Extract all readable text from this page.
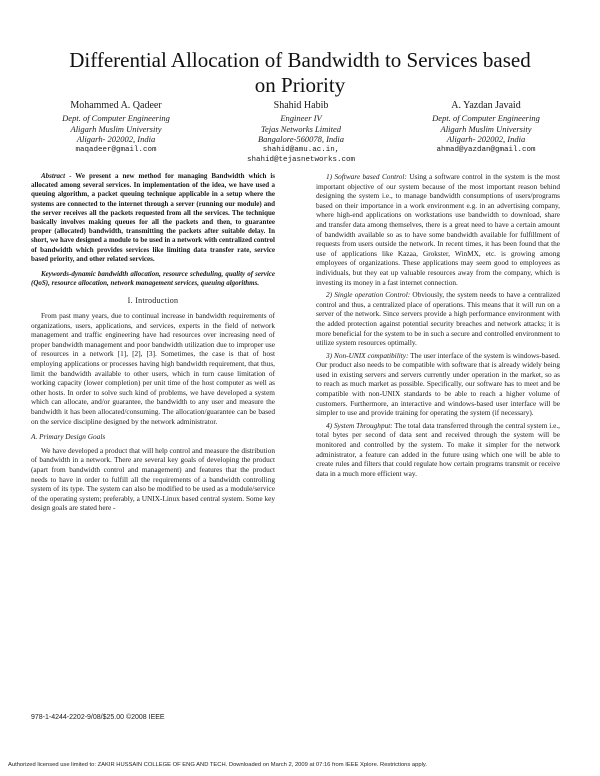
Differential Allocation of Bandwidth to Services based on Priority
Mohammed A. Qadeer
Dept. of Computer Engineering
Aligarh Muslim University
Aligarh- 202002, India
maqadeer@gmail.com
Shahid Habib
Engineer IV
Tejas Networks Limited
Bangalore-560078, India
shahid@amu.ac.in, shahid@tejasnetworks.com
A. Yazdan Javaid
Dept. of Computer Engineering
Aligarh Muslim University
Aligarh- 202002, India
ahmad@yazdan@gmail.com

Abstract - We present a new method for managing Bandwidth which is allocated among several services. In implementation of the idea, we have used a queuing algorithm, a packet queuing technique applicable in a setup where the systems are connected to the internet through a server (running our module) and the server receives all the packets requested from all the services. The technique basically involves making queues for all the packets and then, to guarantee proper (allocated) bandwidth, transmitting the packets after suitable delay. In short, we have designed a module to be used in a network with centralized control of bandwidth which provides services like limiting data transfer rate, service based priority, and other related services.

Keywords-dynamic bandwidth allocation, resource scheduling, quality of service (QoS), resource allocation, network management services, queuing algorithms.

I. Introduction

From past many years, due to continual increase in bandwidth requirements of organizations, users, applications, and services, experts in the field of network management and traffic engineering have had resources over increasing need of proper bandwidth management and poor bandwidth utilization due to improper use of resources in a network [1], [2], [3]. Sometimes, the case is that of host employing applications or processes having high bandwidth requirement, that thus, limit the bandwidth available to other users, which in turn cause limitation of working capacity (lower completion) per unit time of the host computer as well as other hosts. In order to solve such kind of problems, we have developed a system which can allocate, and/or guarantee, the bandwidth to any user and measure the bandwidth it has been allocated/consuming. The allocation/guarantee can be based on the service discipline designed by the network administrator.

A. Primary Design Goals

We have developed a product that will help control and measure the distribution of bandwidth in a network. There are several key goals of developing the product (apart from bandwidth control and management) and features that the product needs to have in order to fulfill all the requirements of a bandwidth controlling system of its type. The system can also be modified to be used as a module/service of the operating system; preferably, a UNIX-Linux based central system. Some key design goals are stated here -

1) Software based Control: Using a software control in the system is the most important objective of our system because of the most important reason behind designing the system i.e., to manage bandwidth consumptions of users/programs based on their importance in a work environment e.g. in an advertising company, where high-end applications on workstations use bandwidth to download, share and transfer data among themselves, there is a great need to have a certain amount of bandwidth available so as to have some bandwidth available for fulfillment of requests from users outside the network. In recent times, it has been found that the use of applications like Kazaa, Grokster, WinMX, etc. is growing among employees of organizations. These applications may seem good to employees as individuals, but they eat up valuable resources away from the company, which is investing its money in a fast internet connection.

2) Single operation Control: Obviously, the system needs to have a centralized control and thus, a centralized place of operations. This means that it will run on a server of the network. Since servers provide a high performance environment with the added protection against potential security breaches and network attacks; it is more beneficial for the system to be in such a secure and controlled environment to utilize system resources optimally.

3) Non-UNIX compatibility: The user interface of the system is windows-based. Our product also needs to be compatible with software that is already widely being used in existing servers and servers currently under operation in the market, so as to reach as much market as possible. Specifically, our software has to meet and be compatible with non-UNIX standards to be able to reach a higher volume of customers. Furthermore, an interactive and windows-based user interface will be simpler to use and provide training for operating the system (if necessary).

4) System Throughput: The total data transferred through the central system i.e., total bytes per second of data sent and received through the system will be monitored and controlled by the system. To make it simpler for the network administrator, a feature can added in the future using which one will be able to create rules and filters that could regulate how certain programs transmit or receive data in a much more efficient way.

978-1-4244-2202-9/08/$25.00 ©2008 IEEE
Authorized licensed use limited to: ZAKIR HUSSAIN COLLEGE OF ENG AND TECH. Downloaded on March 2, 2009 at 07:16 from IEEE Xplore. Restrictions apply.
